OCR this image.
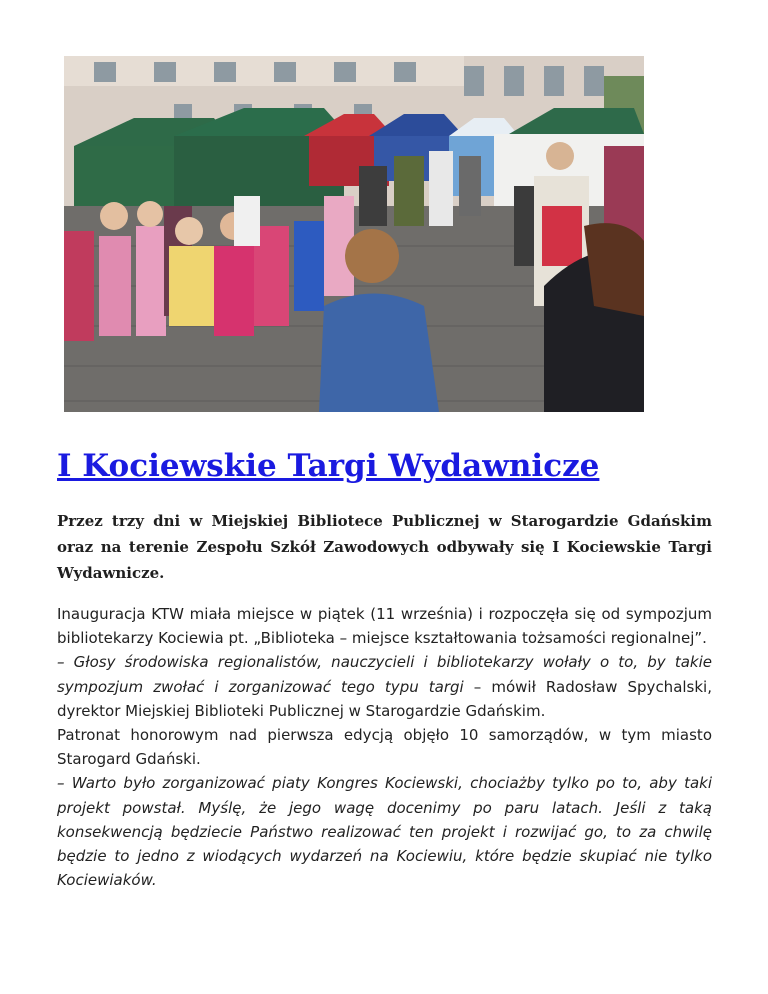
I Kociewskie Targi Wydawnicze

Przez trzy dni w Miejskiej Bibliotece Publicznej w Starogardzie Gdańskim oraz na terenie Zespołu Szkół Zawodowych odbywały się I Kociewskie Targi Wydawnicze.

Inauguracja KTW miała miejsce w piątek (11 września) i rozpoczęła się od sympozjum bibliotekarzy Kociewia pt. „Biblioteka – miejsce kształtowania tożsamości regionalnej”.

– Głosy środowiska regionalistów, nauczycieli i bibliotekarzy wołały o to, by takie sympozjum zwołać i zorganizować tego typu targi – mówił Radosław Spychalski, dyrektor Miejskiej Biblioteki Publicznej w Starogardzie Gdańskim.

Patronat honorowym nad pierwsza edycją objęło 10 samorządów, w tym miasto Starogard Gdański.

– Warto było zorganizować piaty Kongres Kociewski, chociażby tylko po to, aby taki projekt powstał. Myślę, że jego wagę docenimy po paru latach. Jeśli z taką konsekwencją będziecie Państwo realizować ten projekt i rozwijać go, to za chwilę będzie to jedno z wiodących wydarzeń na Kociewiu, które będzie skupiać nie tylko Kociewiaków.
